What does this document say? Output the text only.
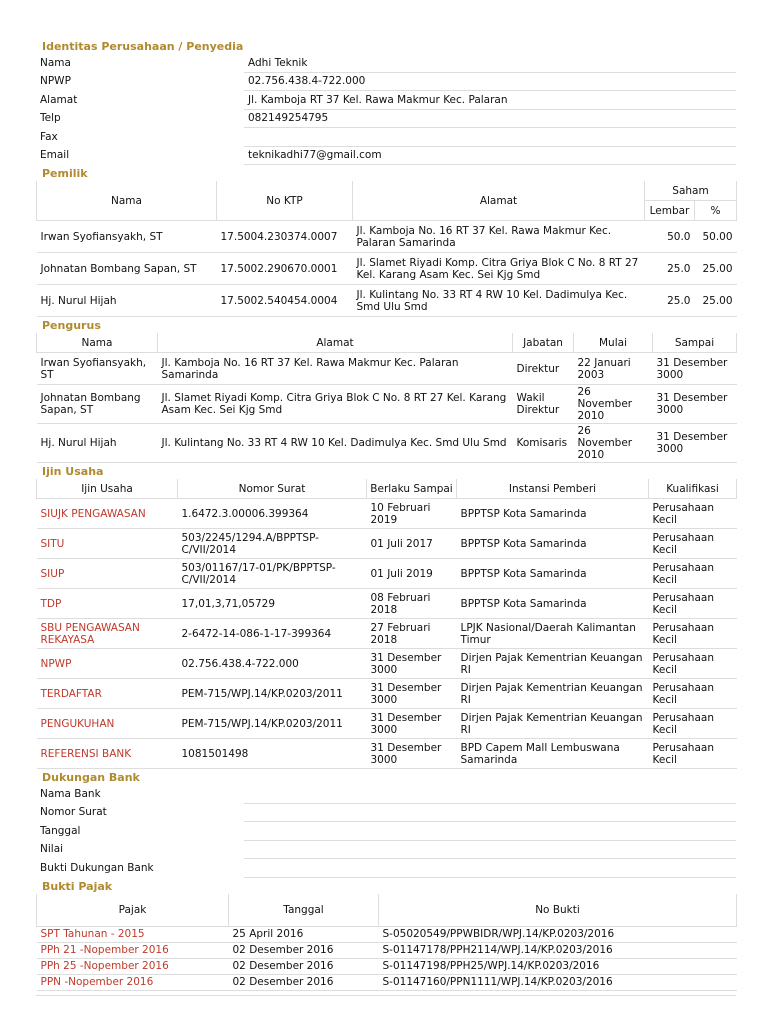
Identitas Perusahaan / Penyedia
Nama	Adhi Teknik
NPWP	02.756.438.4-722.000
Alamat	Jl. Kamboja RT 37 Kel. Rawa Makmur Kec. Palaran
Telp	082149254795
Fax	
Email	teknikadhi77@gmail.com
Pemilik
Nama	No KTP	Alamat	Saham	
			Lembar	%
Irwan Syofiansyakh, ST	17.5004.230374.0007	Jl. Kamboja No. 16 RT 37 Kel. Rawa Makmur Kec. Palaran Samarinda	50.0	50.00
Johnatan Bombang Sapan, ST	17.5002.290670.0001	Jl. Slamet Riyadi Komp. Citra Griya Blok C No. 8 RT 27 Kel. Karang Asam Kec. Sei Kjg Smd	25.0	25.00
Hj. Nurul Hijah	17.5002.540454.0004	Jl. Kulintang No. 33 RT 4 RW 10 Kel. Dadimulya Kec. Smd Ulu Smd	25.0	25.00
Pengurus
Nama	Alamat	Jabatan	Mulai	Sampai
Irwan Syofiansyakh, ST	Jl. Kamboja No. 16 RT 37 Kel. Rawa Makmur Kec. Palaran Samarinda	Direktur	22 Januari 2003	31 Desember 3000
Johnatan Bombang Sapan, ST	Jl. Slamet Riyadi Komp. Citra Griya Blok C No. 8 RT 27 Kel. Karang Asam Kec. Sei Kjg Smd	Wakil Direktur	26 November 2010	31 Desember 3000
Hj. Nurul Hijah	Jl. Kulintang No. 33 RT 4 RW 10 Kel. Dadimulya Kec. Smd Ulu Smd	Komisaris	26 November 2010	31 Desember 3000
Ijin Usaha
Ijin Usaha	Nomor Surat	Berlaku Sampai	Instansi Pemberi	Kualifikasi
SIUJK PENGAWASAN	1.6472.3.00006.399364	10 Februari 2019	BPPTSP Kota Samarinda	Perusahaan Kecil
SITU	503/2245/1294.A/BPPTSP-C/VII/2014	01 Juli 2017	BPPTSP Kota Samarinda	Perusahaan Kecil
SIUP	503/01167/17-01/PK/BPPTSP-C/VII/2014	01 Juli 2019	BPPTSP Kota Samarinda	Perusahaan Kecil
TDP	17,01,3,71,05729	08 Februari 2018	BPPTSP Kota Samarinda	Perusahaan Kecil
SBU PENGAWASAN REKAYASA	2-6472-14-086-1-17-399364	27 Februari 2018	LPJK Nasional/Daerah Kalimantan Timur	Perusahaan Kecil
NPWP	02.756.438.4-722.000	31 Desember 3000	Dirjen Pajak Kementrian Keuangan RI	Perusahaan Kecil
TERDAFTAR	PEM-715/WPJ.14/KP.0203/2011	31 Desember 3000	Dirjen Pajak Kementrian Keuangan RI	Perusahaan Kecil
PENGUKUHAN	PEM-715/WPJ.14/KP.0203/2011	31 Desember 3000	Dirjen Pajak Kementrian Keuangan RI	Perusahaan Kecil
REFERENSI BANK	1081501498	31 Desember 3000	BPD Capem Mall Lembuswana Samarinda	Perusahaan Kecil
Dukungan Bank
Nama Bank	
Nomor Surat	
Tanggal	
Nilai	
Bukti Dukungan Bank	
Bukti Pajak
Pajak	Tanggal	No Bukti
SPT Tahunan - 2015	25 April 2016	S-05020549/PPWBIDR/WPJ.14/KP.0203/2016
PPh 21 -Nopember 2016	02 Desember 2016	S-01147178/PPH2114/WPJ.14/KP.0203/2016
PPh 25 -Nopember 2016	02 Desember 2016	S-01147198/PPH25/WPJ.14/KP.0203/2016
PPN -Nopember 2016	02 Desember 2016	S-01147160/PPN1111/WPJ.14/KP.0203/2016
